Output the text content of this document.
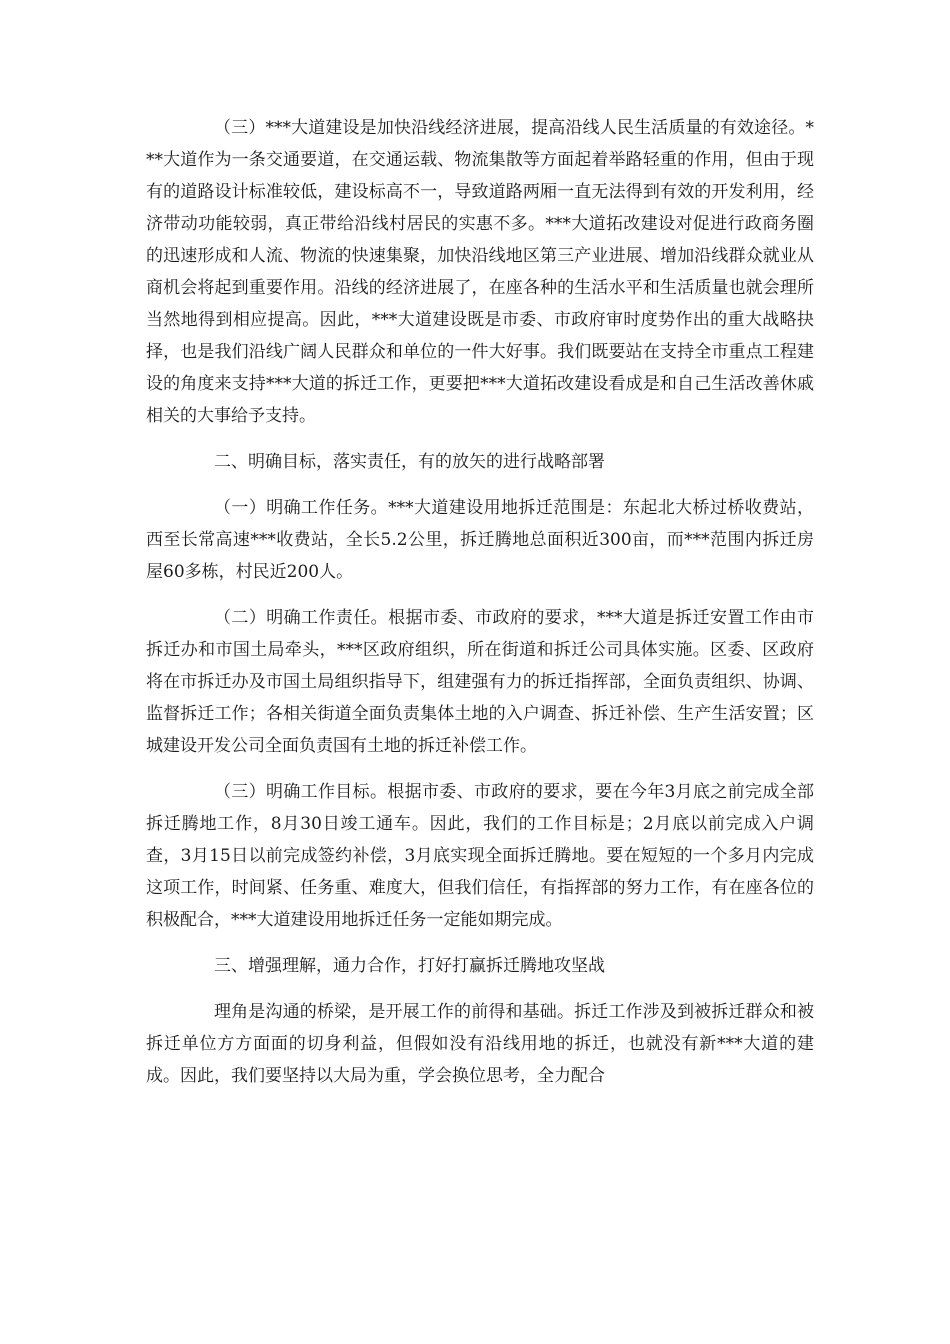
（三）***大道建设是加快沿线经济进展，提高沿线人民生活质量的有效途径。***大道作为一条交通要道，在交通运载、物流集散等方面起着举路轻重的作用，但由于现有的道路设计标准较低，建设标高不一，导致道路两厢一直无法得到有效的开发利用，经济带动功能较弱，真正带给沿线村居民的实惠不多。***大道拓改建设对促进行政商务圈的迅速形成和人流、物流的快速集聚，加快沿线地区第三产业进展、增加沿线群众就业从商机会将起到重要作用。沿线的经济进展了，在座各种的生活水平和生活质量也就会理所当然地得到相应提高。因此，***大道建设既是市委、市政府审时度势作出的重大战略抉择，也是我们沿线广阔人民群众和单位的一件大好事。我们既要站在支持全市重点工程建设的角度来支持***大道的拆迁工作，更要把***大道拓改建设看成是和自己生活改善休戚相关的大事给予支持。

二、明确目标，落实责任，有的放矢的进行战略部署

（一）明确工作任务。***大道建设用地拆迁范围是：东起北大桥过桥收费站，西至长常高速***收费站，全长5.2公里，拆迁腾地总面积近300亩，而***范围内拆迁房屋60多栋，村民近200人。

（二）明确工作责任。根据市委、市政府的要求，***大道是拆迁安置工作由市拆迁办和市国土局牵头，***区政府组织，所在街道和拆迁公司具体实施。区委、区政府将在市拆迁办及市国土局组织指导下，组建强有力的拆迁指挥部，全面负责组织、协调、监督拆迁工作；各相关街道全面负责集体土地的入户调查、拆迁补偿、生产生活安置；区城建设开发公司全面负责国有土地的拆迁补偿工作。

（三）明确工作目标。根据市委、市政府的要求，要在今年3月底之前完成全部拆迁腾地工作，8月30日竣工通车。因此，我们的工作目标是；2月底以前完成入户调查，3月15日以前完成签约补偿，3月底实现全面拆迁腾地。要在短短的一个多月内完成这项工作，时间紧、任务重、难度大，但我们信任，有指挥部的努力工作，有在座各位的积极配合，***大道建设用地拆迁任务一定能如期完成。

三、增强理解，通力合作，打好打赢拆迁腾地攻坚战

理角是沟通的桥梁，是开展工作的前得和基础。拆迁工作涉及到被拆迁群众和被拆迁单位方方面面的切身利益，但假如没有沿线用地的拆迁，也就没有新***大道的建成。因此，我们要坚持以大局为重，学会换位思考，全力配合
